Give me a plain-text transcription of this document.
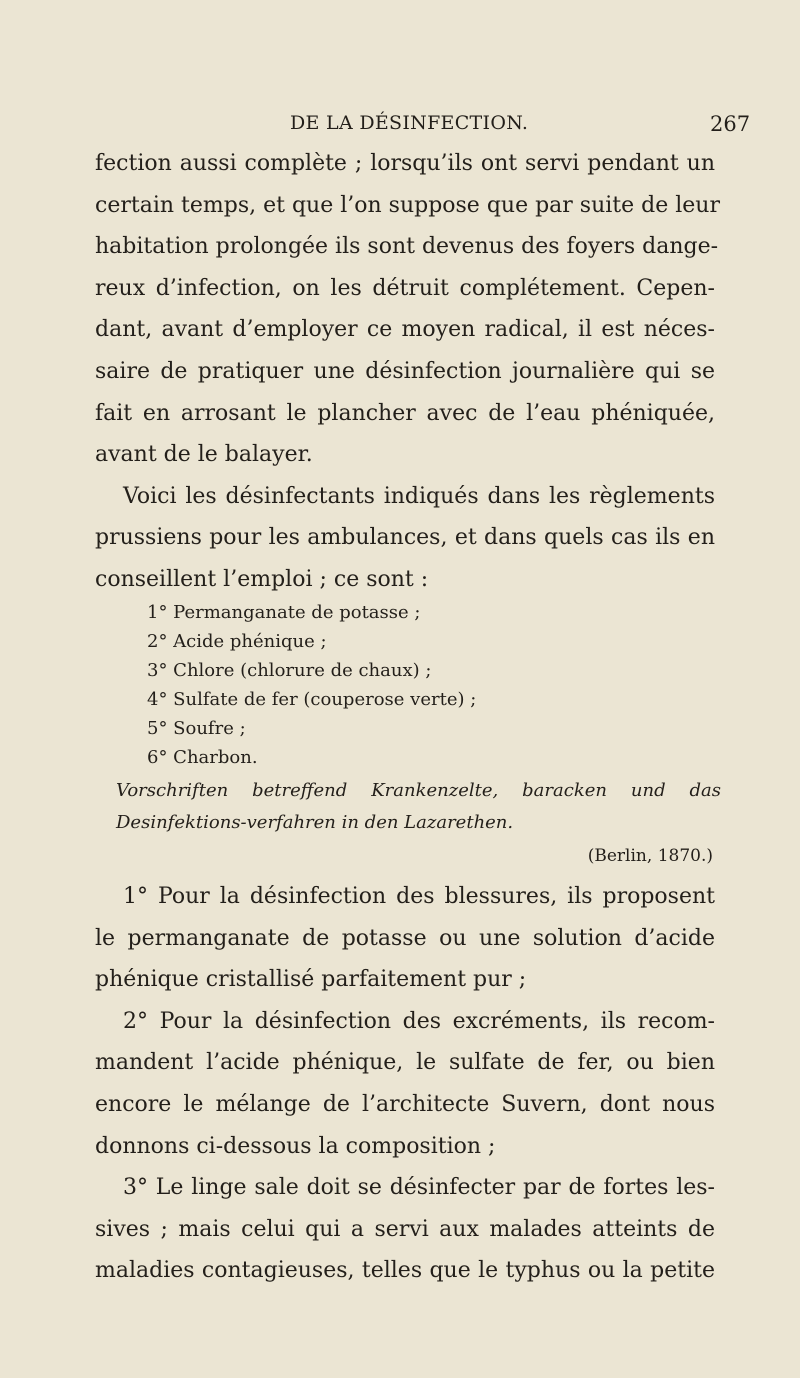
DE LA DÉSINFECTION.	267
fection aussi complète ; lorsqu’ils ont servi pendant un
certain temps, et que l’on suppose que par suite de leur
habitation prolongée ils sont devenus des foyers dange-
reux d’infection, on les détruit complétement. Cepen-
dant, avant d’employer ce moyen radical, il est néces-
saire de pratiquer une désinfection journalière qui se
fait en arrosant le plancher avec de l’eau phéniquée,
avant de le balayer.
Voici les désinfectants indiqués dans les règlements
prussiens pour les ambulances, et dans quels cas ils en
conseillent l’emploi ; ce sont :
1° Permanganate de potasse ;
2° Acide phénique ;
3° Chlore (chlorure de chaux) ;
4° Sulfate de fer (couperose verte) ;
5° Soufre ;
6° Charbon.
Vorschriften betreffend Krankenzelte, baracken und das
Desinfektions-verfahren in den Lazarethen.
(Berlin, 1870.)
1° Pour la désinfection des blessures, ils proposent
le permanganate de potasse ou une solution d’acide
phénique cristallisé parfaitement pur ;
2° Pour la désinfection des excréments, ils recom-
mandent l’acide phénique, le sulfate de fer, ou bien
encore le mélange de l’architecte Suvern, dont nous
donnons ci-dessous la composition ;
3° Le linge sale doit se désinfecter par de fortes les-
sives ; mais celui qui a servi aux malades atteints de
maladies contagieuses, telles que le typhus ou la petite
